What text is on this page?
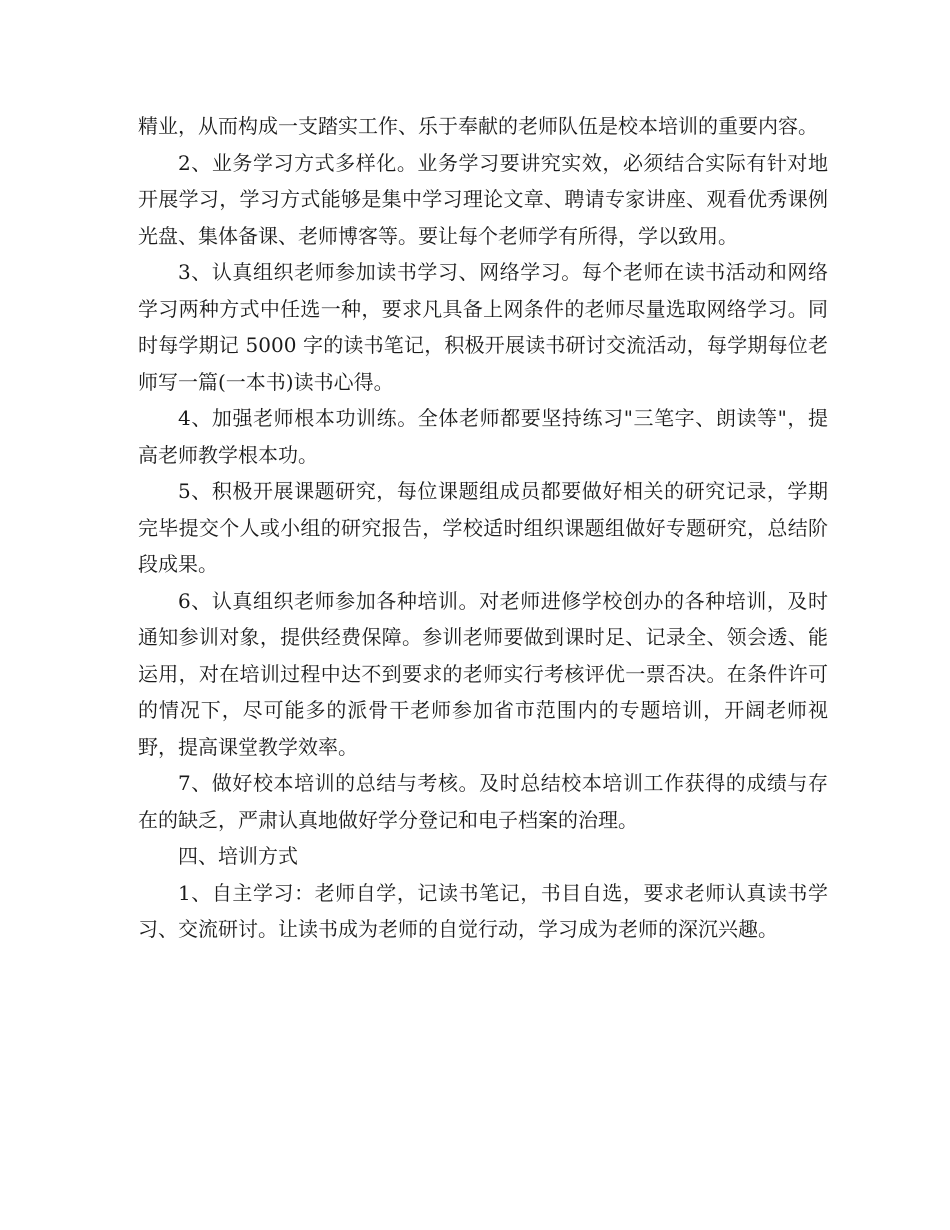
精业，从而构成一支踏实工作、乐于奉献的老师队伍是校本培训的重要内容。

2、业务学习方式多样化。业务学习要讲究实效，必须结合实际有针对地开展学习，学习方式能够是集中学习理论文章、聘请专家讲座、观看优秀课例光盘、集体备课、老师博客等。要让每个老师学有所得，学以致用。

3、认真组织老师参加读书学习、网络学习。每个老师在读书活动和网络学习两种方式中任选一种，要求凡具备上网条件的老师尽量选取网络学习。同时每学期记 5000 字的读书笔记，积极开展读书研讨交流活动，每学期每位老师写一篇(一本书)读书心得。

4、加强老师根本功训练。全体老师都要坚持练习"三笔字、朗读等"，提高老师教学根本功。

5、积极开展课题研究，每位课题组成员都要做好相关的研究记录，学期完毕提交个人或小组的研究报告，学校适时组织课题组做好专题研究，总结阶段成果。

6、认真组织老师参加各种培训。对老师进修学校创办的各种培训，及时通知参训对象，提供经费保障。参训老师要做到课时足、记录全、领会透、能运用，对在培训过程中达不到要求的老师实行考核评优一票否决。在条件许可的情况下，尽可能多的派骨干老师参加省市范围内的专题培训，开阔老师视野，提高课堂教学效率。

7、做好校本培训的总结与考核。及时总结校本培训工作获得的成绩与存在的缺乏，严肃认真地做好学分登记和电子档案的治理。

四、培训方式

1、自主学习：老师自学，记读书笔记，书目自选，要求老师认真读书学习、交流研讨。让读书成为老师的自觉行动，学习成为老师的深沉兴趣。
